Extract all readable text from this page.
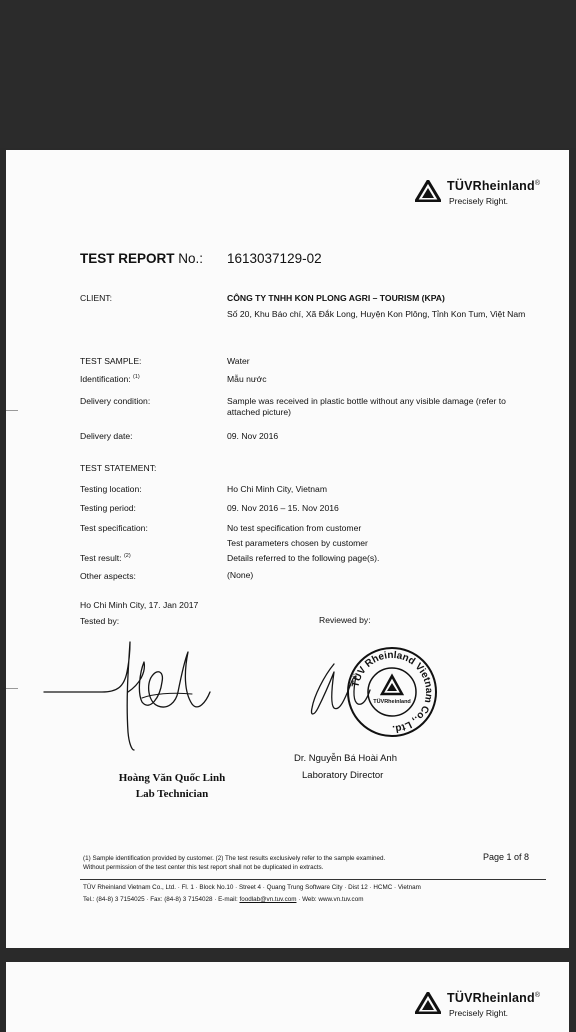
TÜVRheinland®
Precisely Right.
TEST REPORT No.: 1613037129-02
CLIENT:	CÔNG TY TNHH KON PLONG AGRI – TOURISM (KPA)
Số 20, Khu Báo chí, Xã Đắk Long, Huyện Kon Plông, Tỉnh Kon Tum, Việt Nam
TEST SAMPLE:	Water
Identification: $^{(1)}$	Mẫu nước
Delivery condition:	Sample was received in plastic bottle without any visible damage (refer to attached picture)
Delivery date:	09. Nov 2016
TEST STATEMENT:
Testing location:	Ho Chi Minh City, Vietnam
Testing period:	09. Nov 2016 – 15. Nov 2016
Test specification:	No test specification from customer
Test parameters chosen by customer
Test result: $^{(2)}$	Details referred to the following page(s).
Other aspects:	(None)
Ho Chi Minh City, 17. Jan 2017
Tested by:	Reviewed by:
TÜV Rheinland Vietnam Co., Ltd.
TÜVRheinland
Hoàng Văn Quốc Linh
Lab Technician
Dr. Nguyễn Bá Hoài Anh
Laboratory Director
(1) Sample identification provided by customer. (2) The test results exclusively refer to the sample examined.
Without permission of the test center this test report shall not be duplicated in extracts.
Page 1 of 8
TÜV Rheinland Vietnam Co., Ltd. · Fl. 1 · Block No.10 · Street 4 · Quang Trung Software City · Dist 12 · HCMC · Vietnam
Tel.: (84-8) 3 7154025 · Fax: (84-8) 3 7154028 · E-mail: foodlab@vn.tuv.com · Web: www.vn.tuv.com
TÜVRheinland®
Precisely Right.
